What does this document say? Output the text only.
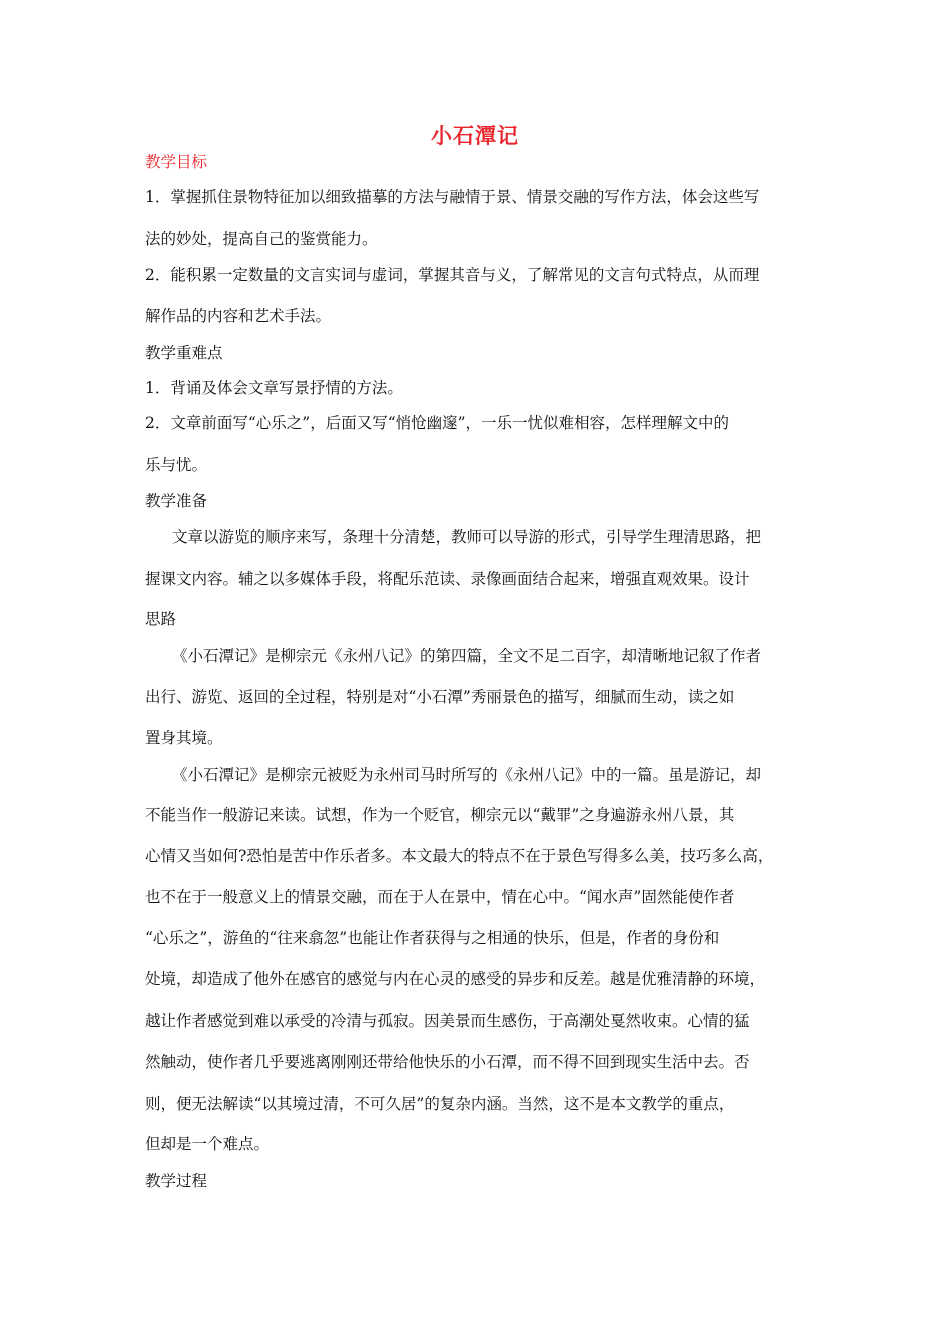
小石潭记
教学目标
1．掌握抓住景物特征加以细致描摹的方法与融情于景、情景交融的写作方法，体会这些写
法的妙处，提高自己的鉴赏能力。
2．能积累一定数量的文言实词与虚词，掌握其音与义，了解常见的文言句式特点，从而理
解作品的内容和艺术手法。
教学重难点
1．背诵及体会文章写景抒情的方法。
2．文章前面写“心乐之”，后面又写“悄怆幽邃”，一乐一忧似难相容，怎样理解文中的
乐与忧。
教学准备
文章以游览的顺序来写，条理十分清楚，教师可以导游的形式，引导学生理清思路，把
握课文内容。辅之以多媒体手段，将配乐范读、录像画面结合起来，增强直观效果。设计
思路
《小石潭记》是柳宗元《永州八记》的第四篇，全文不足二百字，却清晰地记叙了作者
出行、游览、返回的全过程，特别是对“小石潭”秀丽景色的描写，细腻而生动，读之如
置身其境。
《小石潭记》是柳宗元被贬为永州司马时所写的《永州八记》中的一篇。虽是游记，却
不能当作一般游记来读。试想，作为一个贬官，柳宗元以“戴罪”之身遍游永州八景，其
心情又当如何?恐怕是苦中作乐者多。本文最大的特点不在于景色写得多么美，技巧多么高，
也不在于一般意义上的情景交融，而在于人在景中，情在心中。“闻水声”固然能使作者
“心乐之”，游鱼的“往来翕忽”也能让作者获得与之相通的快乐，但是，作者的身份和
处境，却造成了他外在感官的感觉与内在心灵的感受的异步和反差。越是优雅清静的环境，
越让作者感觉到难以承受的冷清与孤寂。因美景而生感伤，于高潮处戛然收束。心情的猛
然触动，使作者几乎要逃离刚刚还带给他快乐的小石潭，而不得不回到现实生活中去。否
则，便无法解读“以其境过清，不可久居”的复杂内涵。当然，这不是本文教学的重点，
但却是一个难点。
教学过程
